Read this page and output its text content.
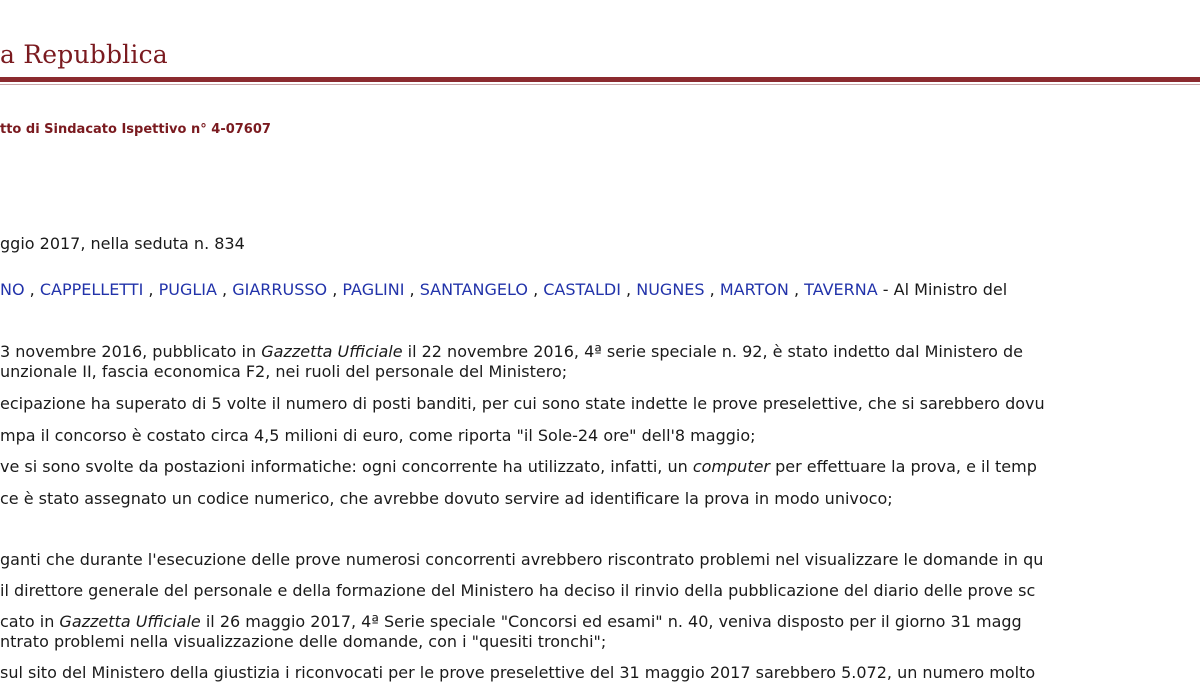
a Repubblica
tto di Sindacato Ispettivo n° 4-07607
ggio 2017, nella seduta n. 834
NO , CAPPELLETTI , PUGLIA , GIARRUSSO , PAGLINI , SANTANGELO , CASTALDI , NUGNES , MARTON , TAVERNA - Al Ministro del
3 novembre 2016, pubblicato in Gazzetta Ufficiale il 22 novembre 2016, 4ª serie speciale n. 92, è stato indetto dal Ministero de
unzionale II, fascia economica F2, nei ruoli del personale del Ministero;
ecipazione ha superato di 5 volte il numero di posti banditi, per cui sono state indette le prove preselettive, che si sarebbero dovu
mpa il concorso è costato circa 4,5 milioni di euro, come riporta "il Sole-24 ore" dell'8 maggio;
ve si sono svolte da postazioni informatiche: ogni concorrente ha utilizzato, infatti, un computer per effettuare la prova, e il temp
ce è stato assegnato un codice numerico, che avrebbe dovuto servire ad identificare la prova in modo univoco;
ganti che durante l'esecuzione delle prove numerosi concorrenti avrebbero riscontrato problemi nel visualizzare le domande in qu
il direttore generale del personale e della formazione del Ministero ha deciso il rinvio della pubblicazione del diario delle prove sc
cato in Gazzetta Ufficiale il 26 maggio 2017, 4ª Serie speciale "Concorsi ed esami" n. 40, veniva disposto per il giorno 31 magg
ntrato problemi nella visualizzazione delle domande, con i "quesiti tronchi";
sul sito del Ministero della giustizia i riconvocati per le prove preselettive del 31 maggio 2017 sarebbero 5.072, un numero molto
